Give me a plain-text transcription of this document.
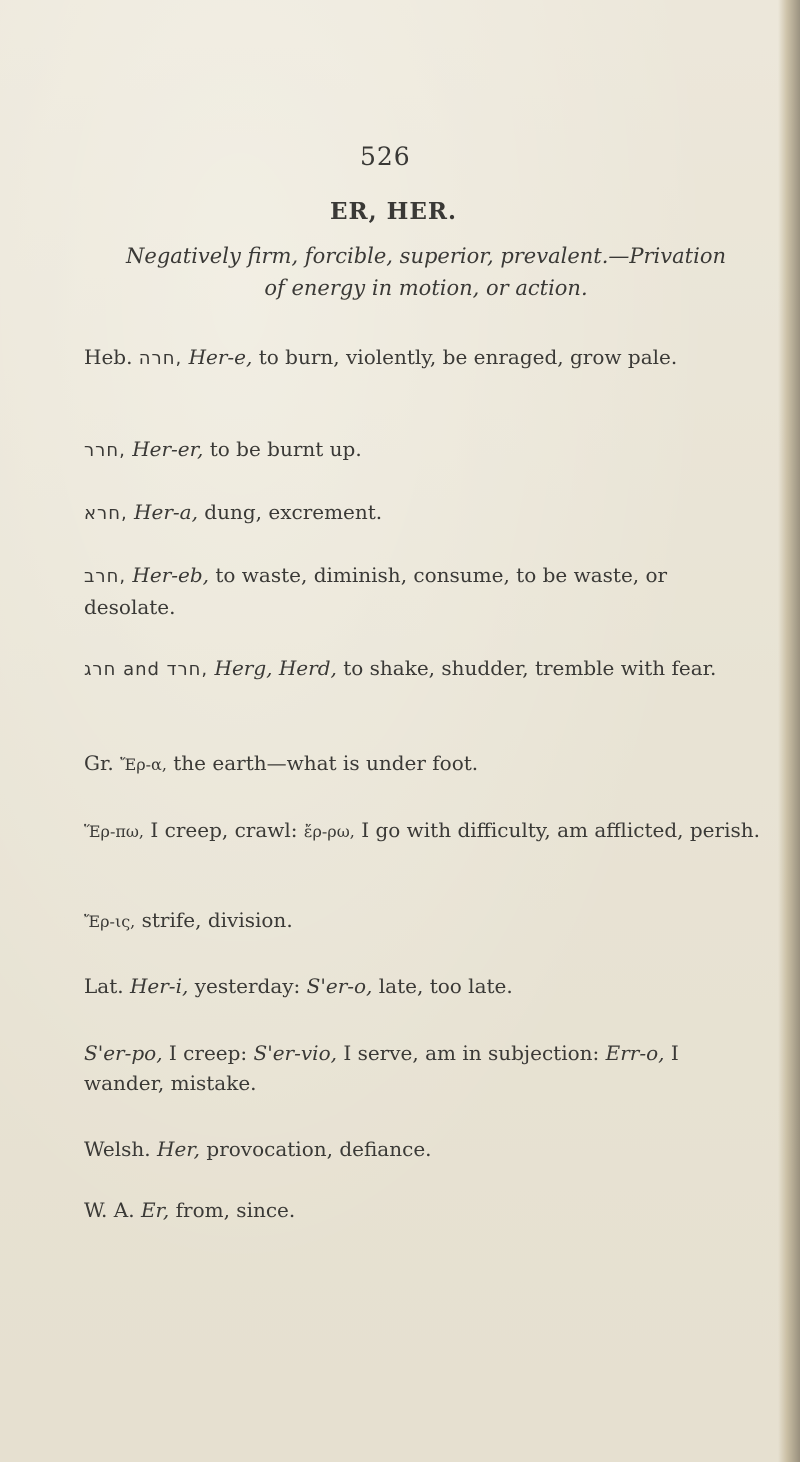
526
ER, HER.
Negatively firm, forcible, superior, prevalent.—Privation
of energy in motion, or action.
Heb. חרה, Her-e, to burn, violently, be enraged, grow pale.
חרר, Her-er, to be burnt up.
חרא, Her-a, dung, excrement.
חרב, Her-eb, to waste, diminish, consume, to be waste, or desolate.
חרג and חרד, Herg, Herd, to shake, shudder, tremble with fear.
Gr. Ἔρ-α, the earth—what is under foot.
Ἕρ-πω, I creep, crawl: ἔρ-ρω, I go with difficulty, am afflicted, perish.
Ἔρ-ις, strife, division.
Lat. Her-i, yesterday: S'er-o, late, too late.
S'er-po, I creep: S'er-vio, I serve, am in subjection: Err-o, I wander, mistake.
Welsh. Her, provocation, defiance.
W. A. Er, from, since.
